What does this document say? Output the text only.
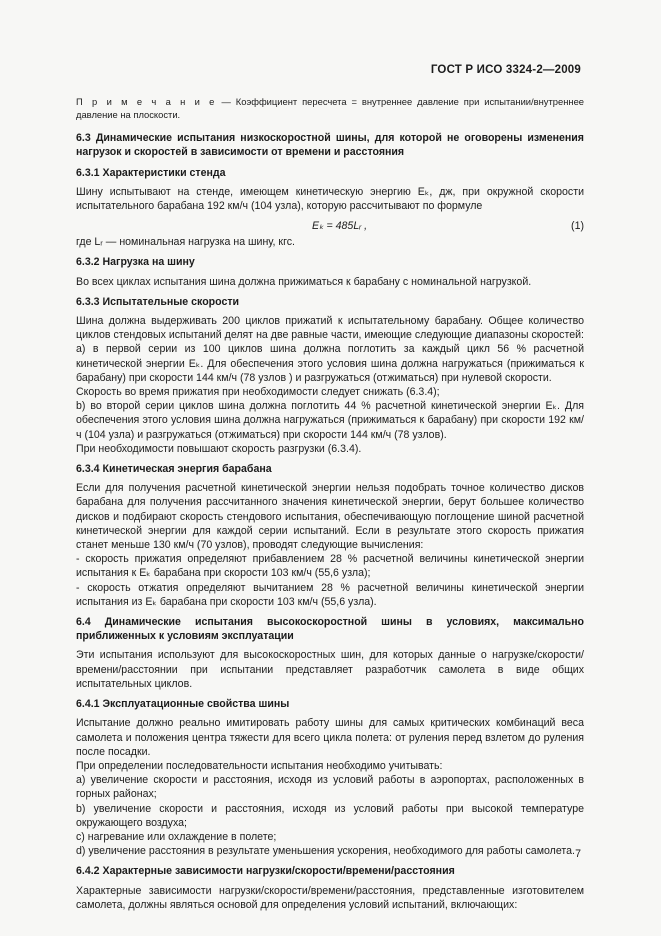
ГОСТ Р ИСО 3324-2—2009

П р и м е ч а н и е — Коэффициент пересчета = внутреннее давление при испытании/внутреннее давление на плоскости.

6.3 Динамические испытания низкоскоростной шины, для которой не оговорены изменения нагрузок и скоростей в зависимости от времени и расстояния

6.3.1 Характеристики стенда

Шину испытывают на стенде, имеющем кинетическую энергию Eₖ, дж, при окружной скорости испытательного барабана 192 км/ч (104 узла), которую рассчитывают по формуле

Eₖ = 485Lᵣ ,	(1)

где Lᵣ — номинальная нагрузка на шину, кгс.

6.3.2 Нагрузка на шину

Во всех циклах испытания шина должна прижиматься к барабану с номинальной нагрузкой.

6.3.3 Испытательные скорости

Шина должна выдерживать 200 циклов прижатий к испытательному барабану. Общее количество циклов стендовых испытаний делят на две равные части, имеющие следующие диапазоны скоростей:

а) в первой серии из 100 циклов шина должна поглотить за каждый цикл 56 % расчетной кинетической энергии Eₖ. Для обеспечения этого условия шина должна нагружаться (прижиматься к барабану) при скорости 144 км/ч (78 узлов ) и разгружаться (отжиматься) при нулевой скорости.

Скорость во время прижатия при необходимости следует снижать (6.3.4);

b) во второй серии циклов шина должна поглотить 44 % расчетной кинетической энергии Eₖ. Для обеспечения этого условия шина должна нагружаться (прижиматься к барабану) при скорости 192 км/ч (104 узла) и разгружаться (отжиматься) при скорости 144 км/ч (78 узлов).

При необходимости повышают скорость разгрузки (6.3.4).

6.3.4 Кинетическая энергия барабана

Если для получения расчетной кинетической энергии нельзя подобрать точное количество дисков барабана для получения рассчитанного значения кинетической энергии, берут большее количество дисков и подбирают скорость стендового испытания, обеспечивающую поглощение шиной расчетной кинетической энергии для каждой серии испытаний. Если в результате этого скорость прижатия станет меньше 130 км/ч (70 узлов), проводят следующие вычисления:

- скорость прижатия определяют прибавлением 28 % расчетной величины кинетической энергии испытания к Eₖ барабана при скорости 103 км/ч (55,6 узла);

- скорость отжатия определяют вычитанием 28 % расчетной величины кинетической энергии испытания из Eₖ барабана при скорости 103 км/ч (55,6 узла).

6.4 Динамические испытания высокоскоростной шины в условиях, максимально приближенных к условиям эксплуатации

Эти испытания используют для высокоскоростных шин, для которых данные о нагрузке/скорости/времени/расстоянии при испытании представляет разработчик самолета в виде общих испытательных циклов.

6.4.1 Эксплуатационные свойства шины

Испытание должно реально имитировать работу шины для самых критических комбинаций веса самолета и положения центра тяжести для всего цикла полета: от руления перед взлетом до руления после посадки.

При определении последовательности испытания необходимо учитывать:

а) увеличение скорости и расстояния, исходя из условий работы в аэропортах, расположенных в горных районах;

b) увеличение скорости и расстояния, исходя из условий работы при высокой температуре окружающего воздуха;

с) нагревание или охлаждение в полете;

d) увеличение расстояния в результате уменьшения ускорения, необходимого для работы самолета.

6.4.2 Характерные зависимости нагрузки/скорости/времени/расстояния

Характерные зависимости нагрузки/скорости/времени/расстояния, представленные изготовителем самолета, должны являться основой для определения условий испытаний, включающих:

7
